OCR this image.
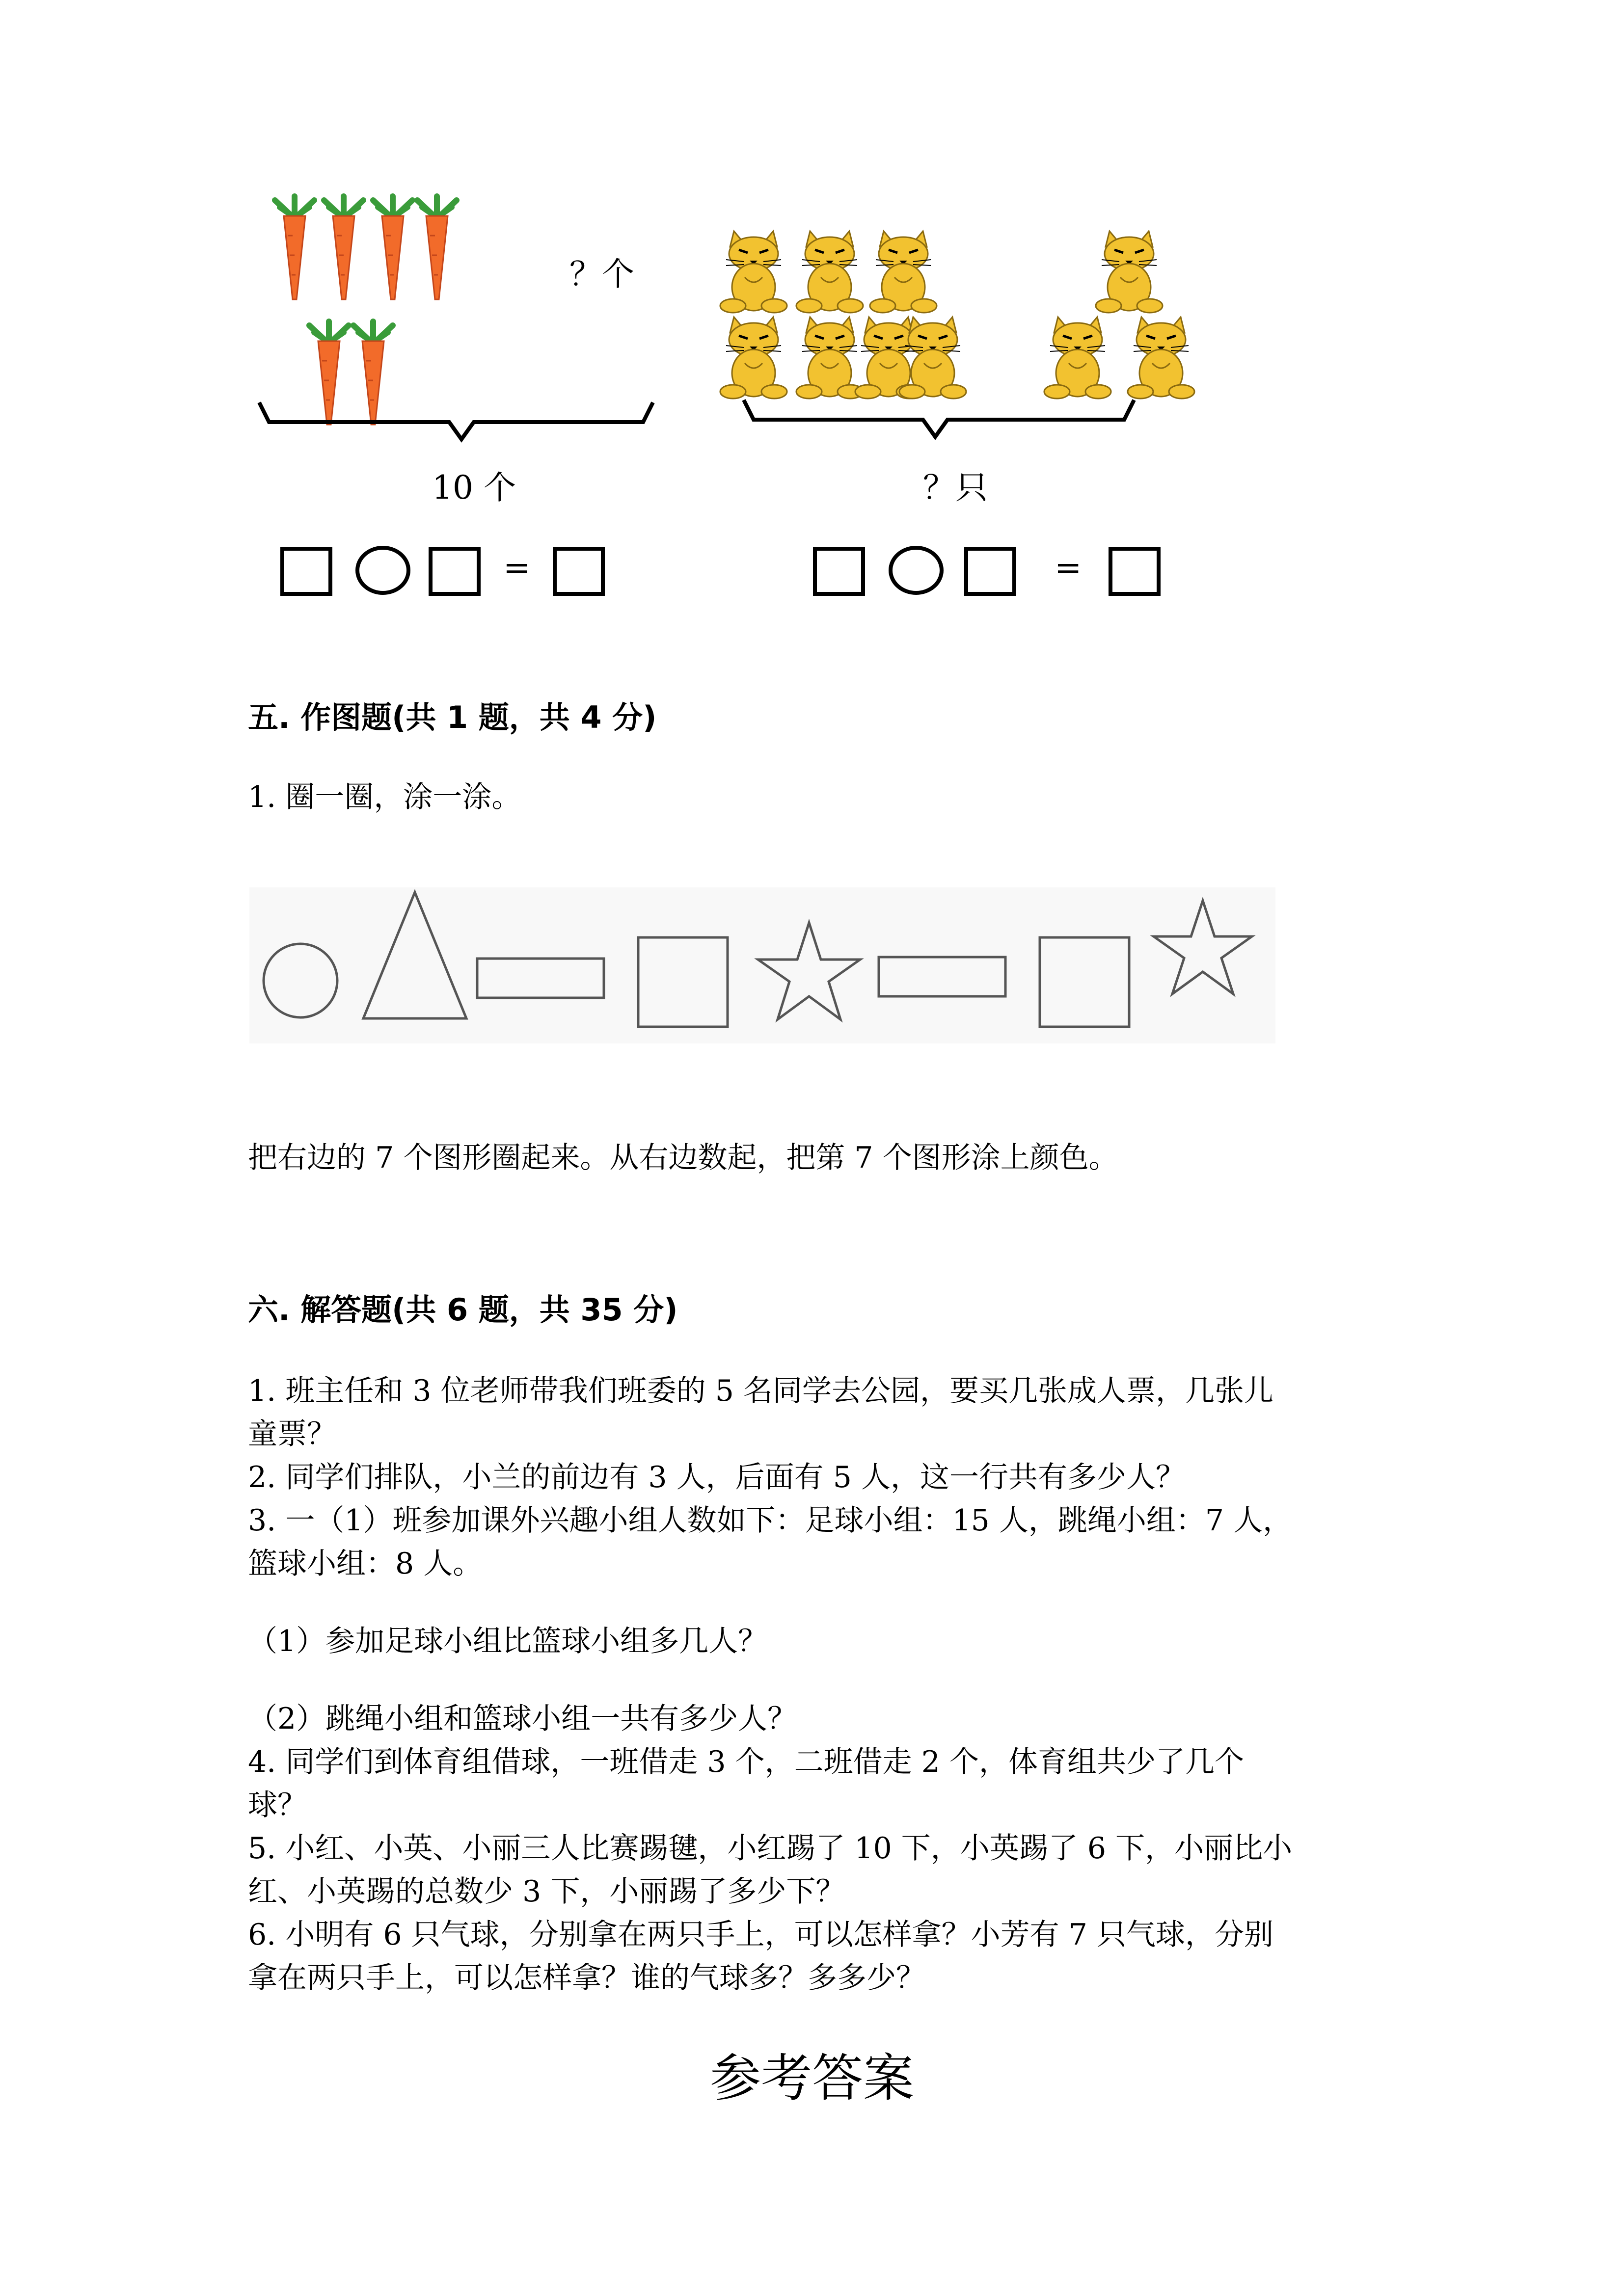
？个
10 个	？只
=	=
五. 作图题(共 1 题，共 4 分)
1. 圈一圈，涂一涂。
把右边的 7 个图形圈起来。从右边数起，把第 7 个图形涂上颜色。
六. 解答题(共 6 题，共 35 分)
1. 班主任和 3 位老师带我们班委的 5 名同学去公园，要买几张成人票，几张儿
童票？
2. 同学们排队，小兰的前边有 3 人，后面有 5 人，这一行共有多少人？
3. 一（1）班参加课外兴趣小组人数如下：足球小组：15 人，跳绳小组：7 人，
篮球小组：8 人。
（1）参加足球小组比篮球小组多几人？
（2）跳绳小组和篮球小组一共有多少人？
4. 同学们到体育组借球，一班借走 3 个，二班借走 2 个，体育组共少了几个
球？
5. 小红、小英、小丽三人比赛踢毽，小红踢了 10 下，小英踢了 6 下，小丽比小
红、小英踢的总数少 3 下，小丽踢了多少下？
6. 小明有 6 只气球，分别拿在两只手上，可以怎样拿？小芳有 7 只气球，分别
拿在两只手上，可以怎样拿？谁的气球多？多多少？
参考答案
